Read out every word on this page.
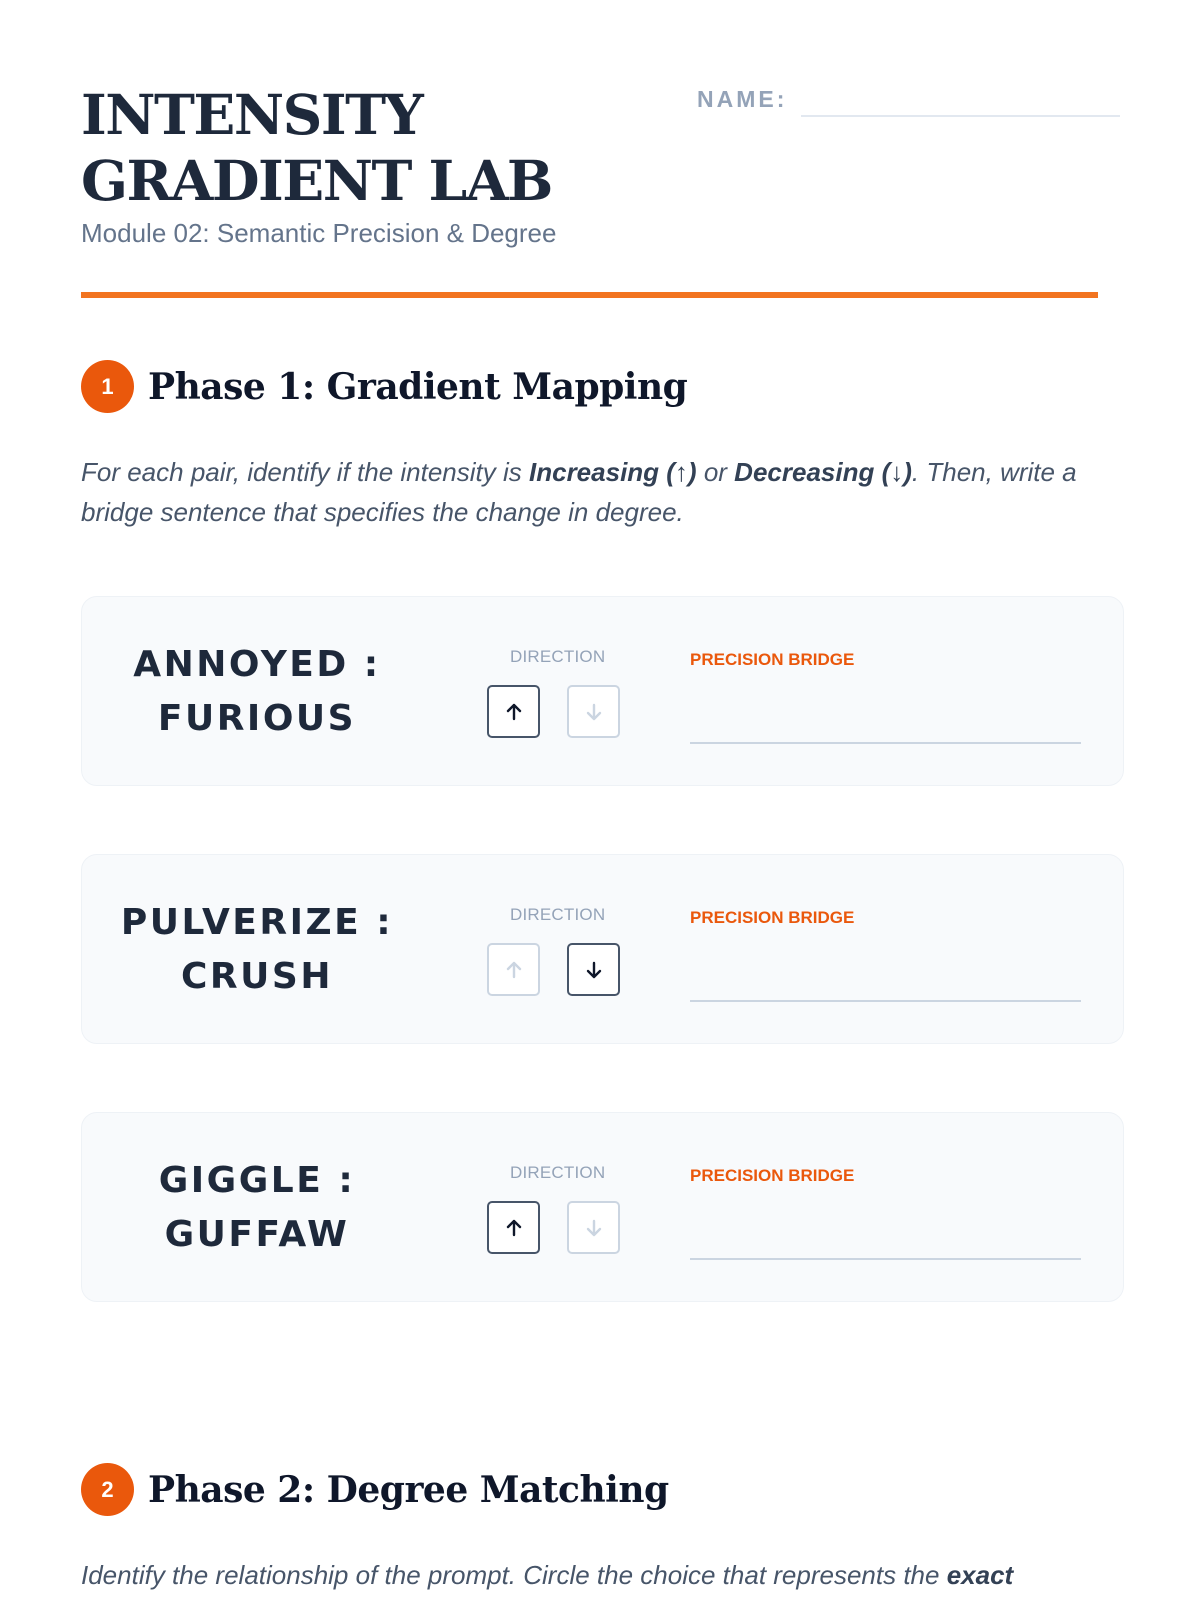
INTENSITY GRADIENT LAB
Module 02: Semantic Precision & Degree
NAME:
1 Phase 1: Gradient Mapping

For each pair, identify if the intensity is Increasing (↑) or Decreasing (↓). Then, write a bridge sentence that specifies the change in degree.

ANNOYED :
FURIOUS
DIRECTION	PRECISION BRIDGE
PULVERIZE :
CRUSH
DIRECTION	PRECISION BRIDGE
GIGGLE :
GUFFAW
DIRECTION	PRECISION BRIDGE
2 Phase 2: Degree Matching

Identify the relationship of the prompt. Circle the choice that represents the exact
